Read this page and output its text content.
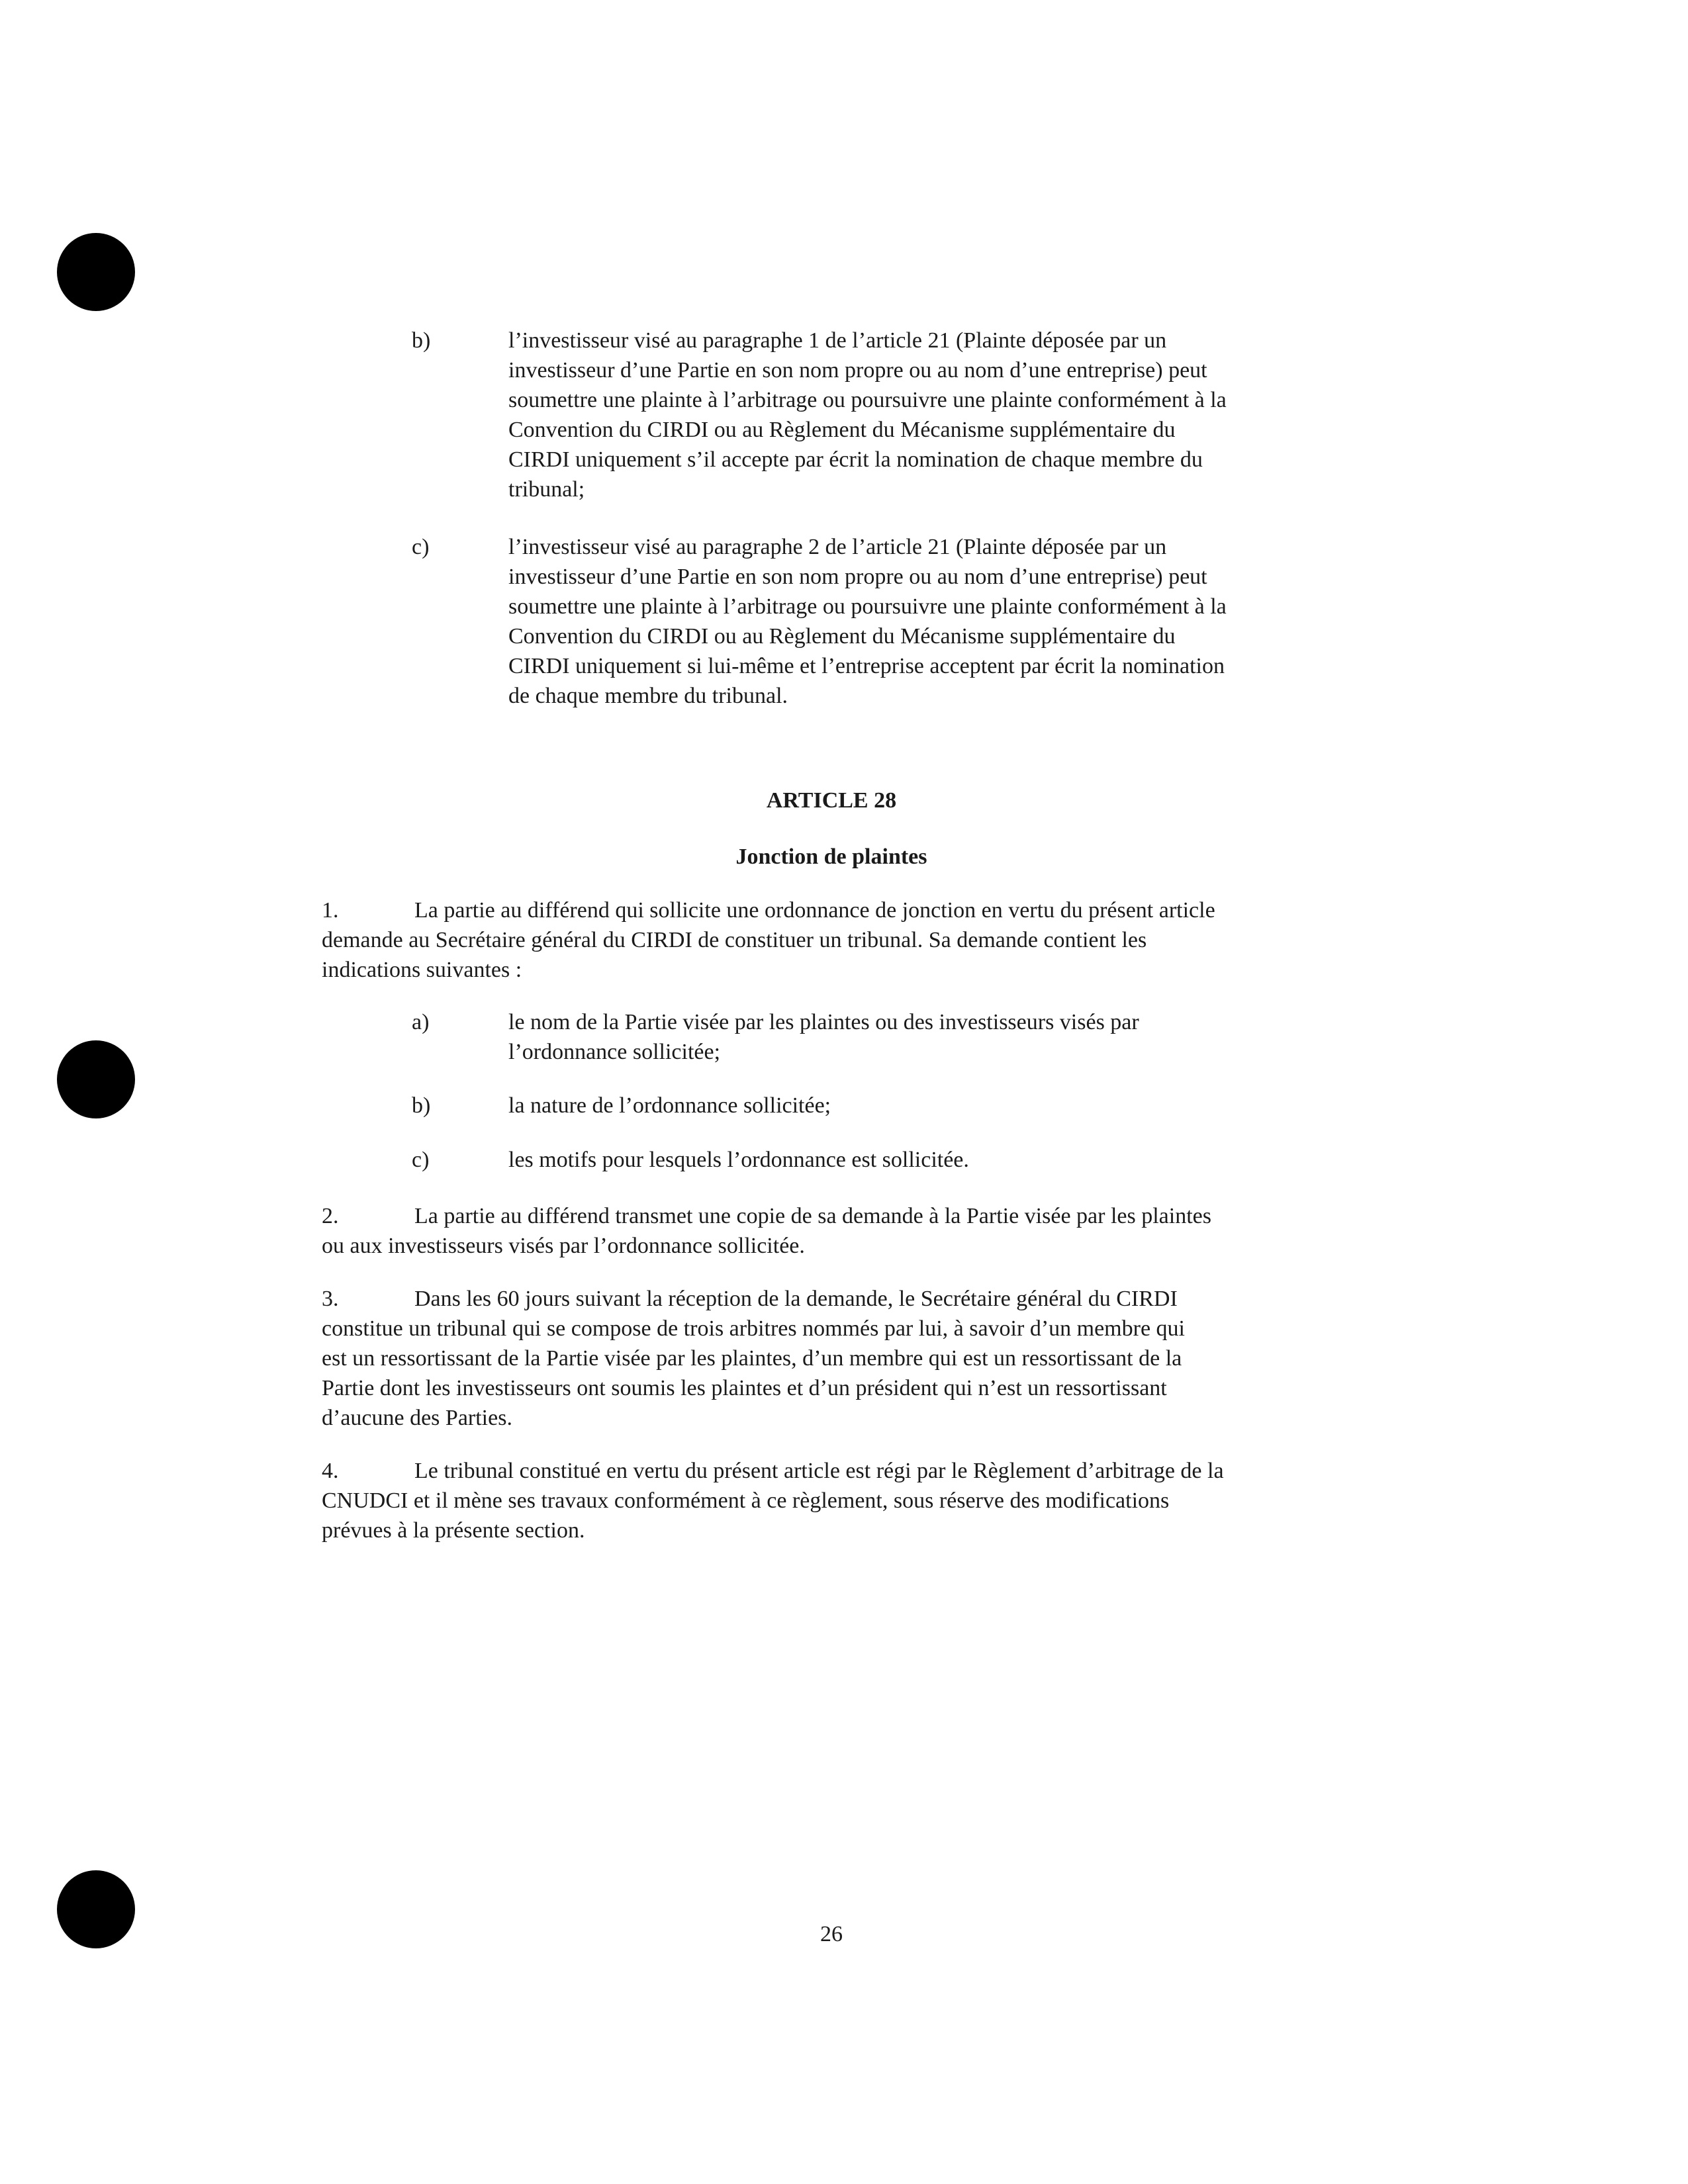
b)	l’investisseur visé au paragraphe 1 de l’article 21 (Plainte déposée par un
investisseur d’une Partie en son nom propre ou au nom d’une entreprise) peut
soumettre une plainte à l’arbitrage ou poursuivre une plainte conformément à la
Convention du CIRDI ou au Règlement du Mécanisme supplémentaire du
CIRDI uniquement s’il accepte par écrit la nomination de chaque membre du
tribunal;
c)	l’investisseur visé au paragraphe 2 de l’article 21 (Plainte déposée par un
investisseur d’une Partie en son nom propre ou au nom d’une entreprise) peut
soumettre une plainte à l’arbitrage ou poursuivre une plainte conformément à la
Convention du CIRDI ou au Règlement du Mécanisme supplémentaire du
CIRDI uniquement si lui-même et l’entreprise acceptent par écrit la nomination
de chaque membre du tribunal.
ARTICLE 28
Jonction de plaintes
1.	La partie au différend qui sollicite une ordonnance de jonction en vertu du présent article
demande au Secrétaire général du CIRDI de constituer un tribunal. Sa demande contient les
indications suivantes :
a)	le nom de la Partie visée par les plaintes ou des investisseurs visés par
l’ordonnance sollicitée;
b)	la nature de l’ordonnance sollicitée;
c)	les motifs pour lesquels l’ordonnance est sollicitée.
2.	La partie au différend transmet une copie de sa demande à la Partie visée par les plaintes
ou aux investisseurs visés par l’ordonnance sollicitée.
3.	Dans les 60 jours suivant la réception de la demande, le Secrétaire général du CIRDI
constitue un tribunal qui se compose de trois arbitres nommés par lui, à savoir d’un membre qui
est un ressortissant de la Partie visée par les plaintes, d’un membre qui est un ressortissant de la
Partie dont les investisseurs ont soumis les plaintes et d’un président qui n’est un ressortissant
d’aucune des Parties.
4.	Le tribunal constitué en vertu du présent article est régi par le Règlement d’arbitrage de la
CNUDCI et il mène ses travaux conformément à ce règlement, sous réserve des modifications
prévues à la présente section.
26
